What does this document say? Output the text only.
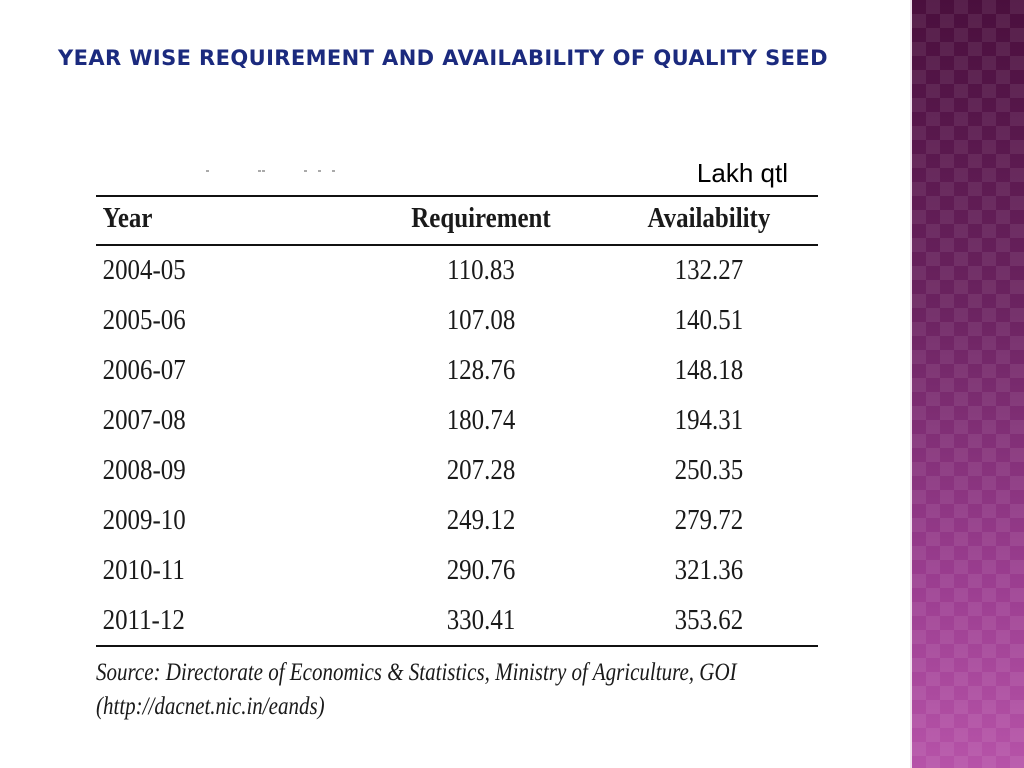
YEAR WISE REQUIREMENT AND AVAILABILITY OF QUALITY SEED
Lakh qtl
Year	Requirement	Availability
2004-05	110.83	132.27
2005-06	107.08	140.51
2006-07	128.76	148.18
2007-08	180.74	194.31
2008-09	207.28	250.35
2009-10	249.12	279.72
2010-11	290.76	321.36
2011-12	330.41	353.62
Source: Directorate of Economics & Statistics, Ministry of Agriculture, GOI
(http://dacnet.nic.in/eands)
